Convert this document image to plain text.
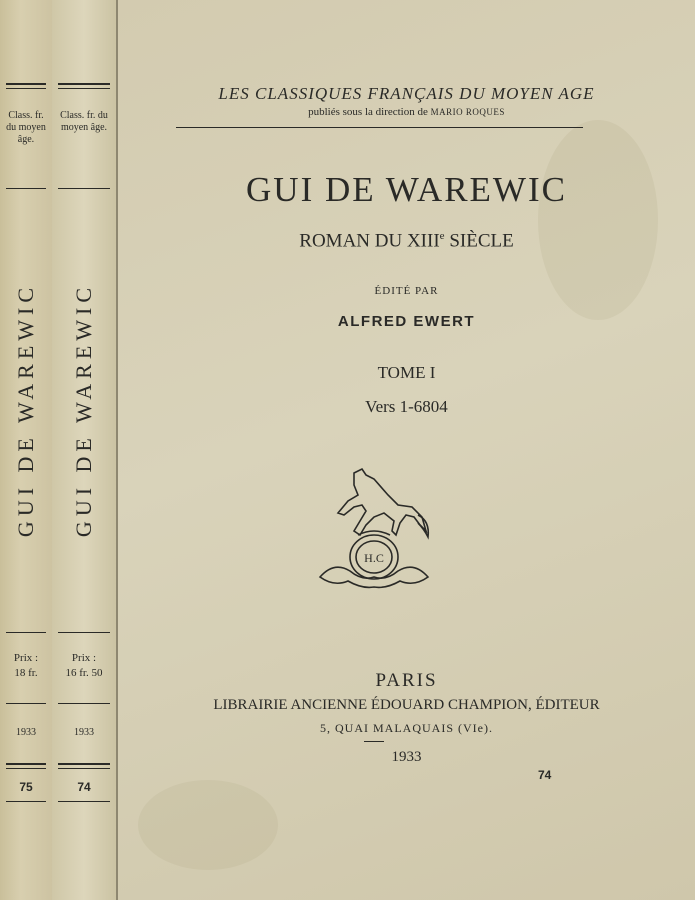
Class. fr. du moyen âge.
GUI DE WAREWIC
Prix :
18 fr.
1933
75
Class. fr. du moyen âge.
GUI DE WAREWIC
Prix :
16 fr. 50
1933
74
LES CLASSIQUES FRANÇAIS DU MOYEN AGE
publiés sous la direction de MARIO ROQUES
GUI DE WAREWIC
ROMAN DU XIIIe SIÈCLE
ÉDITÉ PAR
ALFRED EWERT
TOME I
Vers 1-6804
H.C
PARIS
LIBRAIRIE ANCIENNE ÉDOUARD CHAMPION, ÉDITEUR
5, QUAI MALAQUAIS (VIe).
1933
74
